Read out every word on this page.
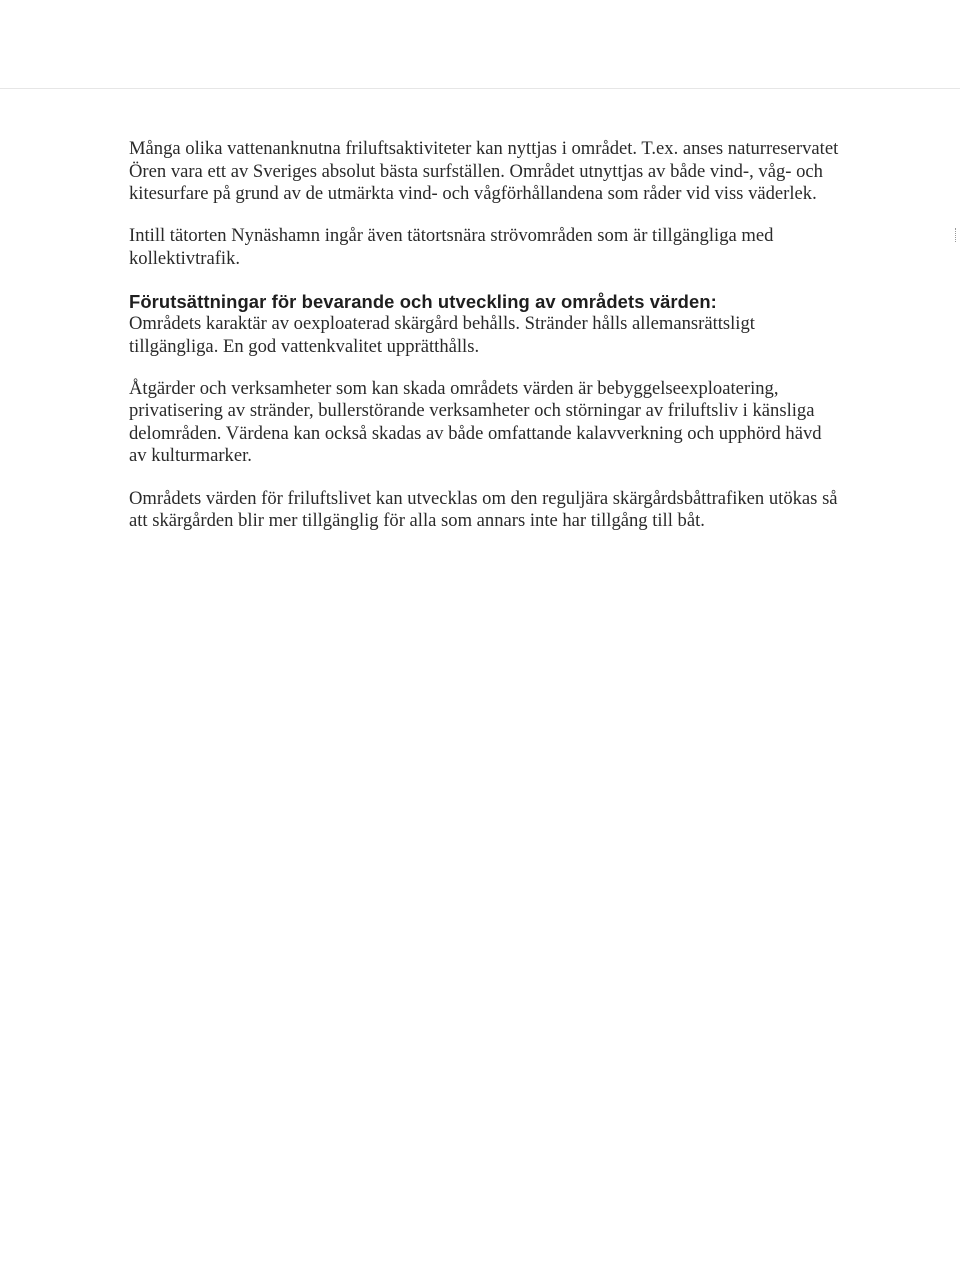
Många olika vattenanknutna friluftsaktiviteter kan nyttjas i området. T.ex. anses naturreservatet Ören vara ett av Sveriges absolut bästa surfställen. Området utnyttjas av både vind-, våg- och kitesurfare på grund av de utmärkta vind- och vågförhållandena som råder vid viss väderlek.

Intill tätorten Nynäshamn ingår även tätortsnära strövområden som är tillgängliga med kollektivtrafik.

Förutsättningar för bevarande och utveckling av områdets värden:

Områdets karaktär av oexploaterad skärgård behålls. Stränder hålls allemansrättsligt tillgängliga. En god vattenkvalitet upprätthålls.

Åtgärder och verksamheter som kan skada områdets värden är bebyggelseexploatering, privatisering av stränder, bullerstörande verksamheter och störningar av friluftsliv i känsliga delområden. Värdena kan också skadas av både omfattande kalavverkning och upphörd hävd av kulturmarker.

Områdets värden för friluftslivet kan utvecklas om den reguljära skärgårdsbåttrafiken utökas så att skärgården blir mer tillgänglig för alla som annars inte har tillgång till båt.
